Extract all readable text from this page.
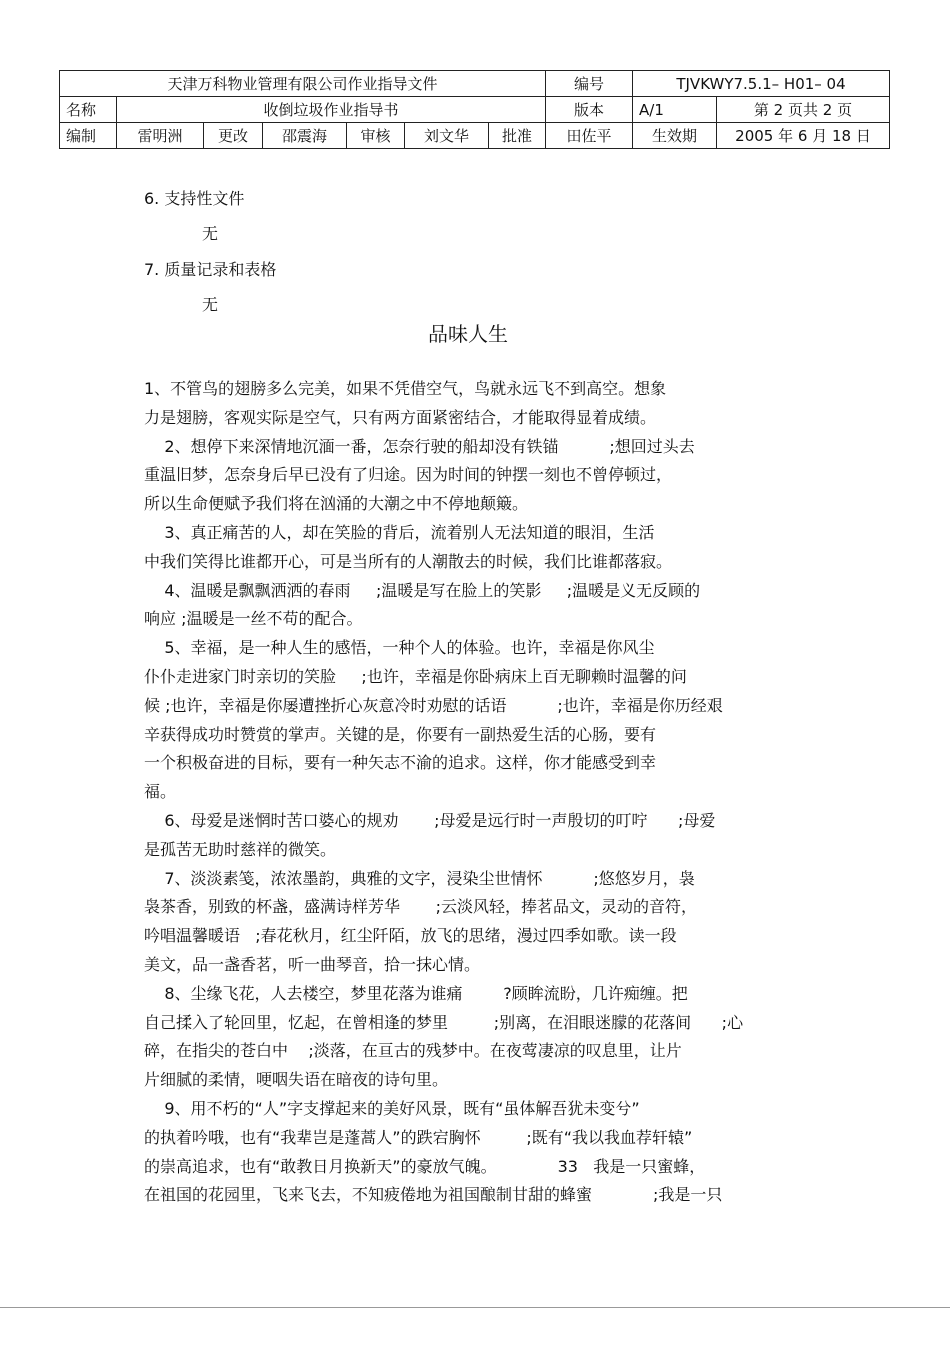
天津万科物业管理有限公司作业指导文件							编号	TJVKWY7.5.1– H01– 04	
名称	收倒垃圾作业指导书						版本	A/1	第 2 页共 2 页
编制	雷明洲	更改	邵震海	审核	刘文华	批准	田佐平	生效期	2005 年 6 月 18 日
6. 支持性文件
无
7. 质量记录和表格
无
品味人生
1、不管鸟的翅膀多么完美，如果不凭借空气，鸟就永远飞不到高空。想象
力是翅膀，客观实际是空气，只有两方面紧密结合，才能取得显着成绩。
2、想停下来深情地沉湎一番，怎奈行驶的船却没有铁锚          ;想回过头去
重温旧梦，怎奈身后早已没有了归途。因为时间的钟摆一刻也不曾停顿过，
所以生命便赋予我们将在汹涌的大潮之中不停地颠簸。
3、真正痛苦的人，却在笑脸的背后，流着别人无法知道的眼泪，生活
中我们笑得比谁都开心，可是当所有的人潮散去的时候，我们比谁都落寂。
4、温暖是飘飘洒洒的春雨     ;温暖是写在脸上的笑影     ;温暖是义无反顾的
响应 ;温暖是一丝不苟的配合。
5、幸福，是一种人生的感悟，一种个人的体验。也许，幸福是你风尘
仆仆走进家门时亲切的笑脸     ;也许，幸福是你卧病床上百无聊赖时温馨的问
候 ;也许，幸福是你屡遭挫折心灰意冷时劝慰的话语          ;也许，幸福是你历经艰
辛获得成功时赞赏的掌声。关键的是，你要有一副热爱生活的心肠，要有
一个积极奋进的目标，要有一种矢志不渝的追求。这样，你才能感受到幸
福。
6、母爱是迷惘时苦口婆心的规劝       ;母爱是远行时一声殷切的叮咛      ;母爱
是孤苦无助时慈祥的微笑。
7、淡淡素笺，浓浓墨韵，典雅的文字，浸染尘世情怀          ;悠悠岁月，袅
袅茶香，别致的杯盏，盛满诗样芳华       ;云淡风轻，捧茗品文，灵动的音符，
吟唱温馨暖语   ;春花秋月，红尘阡陌，放飞的思绪，漫过四季如歌。读一段
美文，品一盏香茗，听一曲琴音，拾一抹心情。
8、尘缘飞花，人去楼空，梦里花落为谁痛        ?顾眸流盼，几许痴缠。把
自己揉入了轮回里，忆起，在曾相逢的梦里         ;别离，在泪眼迷朦的花落间      ;心
碎，在指尖的苍白中    ;淡落，在亘古的残梦中。在夜莺凄凉的叹息里，让片
片细腻的柔情，哽咽失语在暗夜的诗句里。
9、用不朽的“人”字支撑起来的美好风景，既有“虽体解吾犹未变兮”
的执着吟哦，也有“我辈岂是蓬蒿人”的跌宕胸怀         ;既有“我以我血荐轩辕”
的崇高追求，也有“敢教日月换新天”的豪放气魄。            33   我是一只蜜蜂，
在祖国的花园里，飞来飞去，不知疲倦地为祖国酿制甘甜的蜂蜜            ;我是一只
